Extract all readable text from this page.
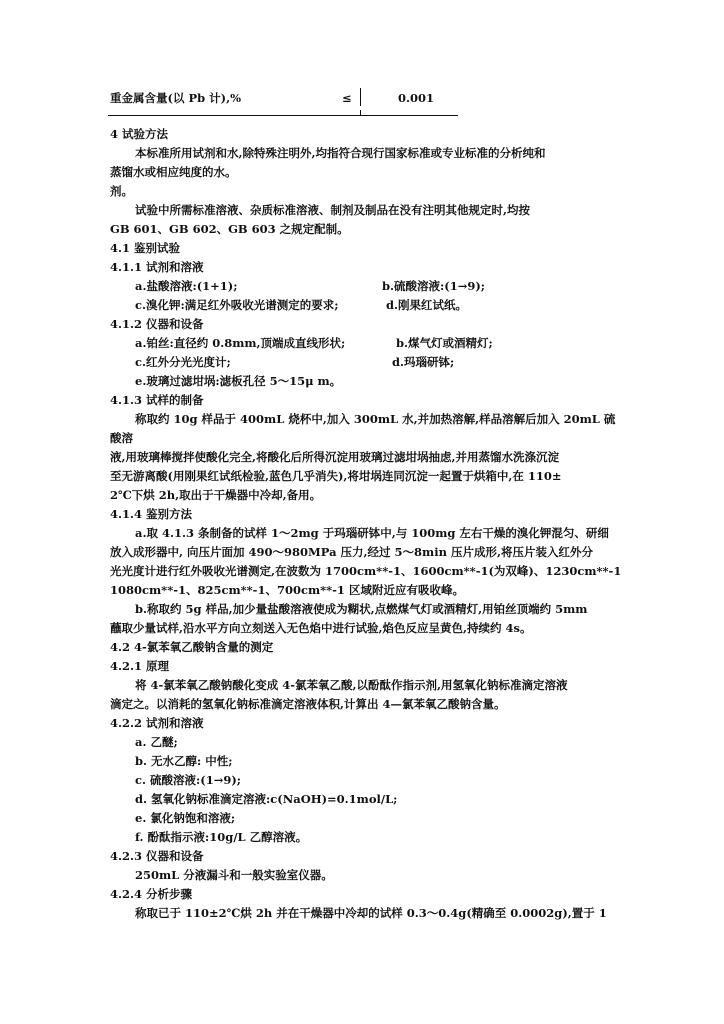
重金属含量(以 Pb 计),%	≤	0.001
4 试验方法
本标准所用试剂和水,除特殊注明外,均指符合现行国家标准或专业标准的分析纯和
蒸馏水或相应纯度的水。
剂。
试验中所需标准溶液、杂质标准溶液、制剂及制品在没有注明其他规定时,均按
GB 601、GB 602、GB 603 之规定配制。
4.1 鉴别试验
4.1.1 试剂和溶液
a.盐酸溶液:(1+1);	b.硫酸溶液:(1→9);
c.溴化钾:满足红外吸收光谱测定的要求;	d.刚果红试纸。
4.1.2 仪器和设备
a.铂丝:直径约 0.8mm,顶端成直线形状;	b.煤气灯或酒精灯;
c.红外分光光度计;	d.玛瑙研钵;
e.玻璃过滤坩埚:滤板孔径 5～15μ m。
4.1.3 试样的制备
称取约 10g 样品于 400mL 烧杯中,加入 300mL 水,并加热溶解,样品溶解后加入 20mL 硫
酸溶
液,用玻璃棒搅拌使酸化完全,将酸化后所得沉淀用玻璃过滤坩埚抽虑,并用蒸馏水洗涤沉淀
至无游离酸(用刚果红试纸检验,蓝色几乎消失),将坩埚连同沉淀一起置于烘箱中,在 110±
2℃下烘 2h,取出于干燥器中冷却,备用。
4.1.4 鉴别方法
a.取 4.1.3 条制备的试样 1～2mg 于玛瑙研钵中,与 100mg 左右干燥的溴化钾混匀、研细
放入成形器中, 向压片面加 490～980MPa 压力,经过 5～8min 压片成形,将压片装入红外分
光光度计进行红外吸收光谱测定,在波数为 1700cm**-1、1600cm**-1(为双峰)、1230cm**-1
1080cm**-1、825cm**-1、700cm**-1 区域附近应有吸收峰。
b.称取约 5g 样品,加少量盐酸溶液使成为糊状,点燃煤气灯或酒精灯,用铂丝顶端约 5mm
蘸取少量试样,沿水平方向立刻送入无色焰中进行试验,焰色反应呈黄色,持续约 4s。
4.2 4-氯苯氧乙酸钠含量的测定
4.2.1 原理
将 4-氯苯氧乙酸钠酸化变成 4-氯苯氧乙酸,以酚酞作指示剂,用氢氧化钠标准滴定溶液
滴定之。以消耗的氢氧化钠标准滴定溶液体积,计算出 4—氯苯氧乙酸钠含量。
4.2.2 试剂和溶液
a. 乙醚;
b. 无水乙醇: 中性;
c. 硫酸溶液:(1→9);
d. 氢氧化钠标准滴定溶液:c(NaOH)=0.1mol/L;
e. 氯化钠饱和溶液;
f. 酚酞指示液:10g/L 乙醇溶液。
4.2.3 仪器和设备
250mL 分液漏斗和一般实验室仪器。
4.2.4 分析步骤
称取已于 110±2℃烘 2h 并在干燥器中冷却的试样 0.3～0.4g(精确至 0.0002g),置于 1
